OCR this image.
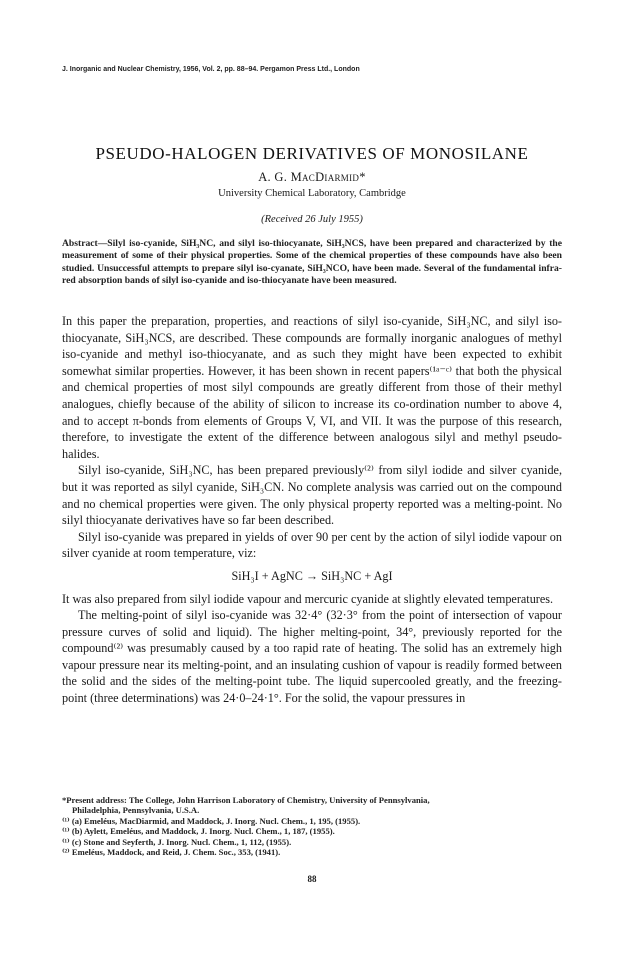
J. Inorganic and Nuclear Chemistry, 1956, Vol. 2, pp. 88–94. Pergamon Press Ltd., London
PSEUDO-HALOGEN DERIVATIVES OF MONOSILANE
A. G. MacDiarmid*
University Chemical Laboratory, Cambridge
(Received 26 July 1955)
Abstract—Silyl iso-cyanide, SiH₃NC, and silyl iso-thiocyanate, SiH₃NCS, have been prepared and characterized by the measurement of some of their physical properties. Some of the chemical properties of these compounds have also been studied. Unsuccessful attempts to prepare silyl iso-cyanate, SiH₃NCO, have been made. Several of the fundamental infra-red absorption bands of silyl iso-cyanide and iso-thiocyanate have been measured.

In this paper the preparation, properties, and reactions of silyl iso-cyanide, SiH₃NC, and silyl iso-thiocyanate, SiH₃NCS, are described. These compounds are formally inorganic analogues of methyl iso-cyanide and methyl iso-thiocyanate, and as such they might have been expected to exhibit somewhat similar properties. However, it has been shown in recent papers⁽¹ᵃ⁻ᶜ⁾ that both the physical and chemical properties of most silyl compounds are greatly different from those of their methyl analogues, chiefly because of the ability of silicon to increase its co-ordination number to above 4, and to accept π-bonds from elements of Groups V, VI, and VII. It was the purpose of this research, therefore, to investigate the extent of the difference between analogous silyl and methyl pseudo-halides.

Silyl iso-cyanide, SiH₃NC, has been prepared previously⁽²⁾ from silyl iodide and silver cyanide, but it was reported as silyl cyanide, SiH₃CN. No complete analysis was carried out on the compound and no chemical properties were given. The only physical property reported was a melting-point. No silyl thiocyanate derivatives have so far been described.

Silyl iso-cyanide was prepared in yields of over 90 per cent by the action of silyl iodide vapour on silver cyanide at room temperature, viz:

SiH₃I + AgNC → SiH₃NC + AgI

It was also prepared from silyl iodide vapour and mercuric cyanide at slightly elevated temperatures.

The melting-point of silyl iso-cyanide was 32·4° (32·3° from the point of intersection of vapour pressure curves of solid and liquid). The higher melting-point, 34°, previously reported for the compound⁽²⁾ was presumably caused by a too rapid rate of heating. The solid has an extremely high vapour pressure near its melting-point, and an insulating cushion of vapour is readily formed between the solid and the sides of the melting-point tube. The liquid supercooled greatly, and the freezing-point (three determinations) was 24·0–24·1°. For the solid, the vapour pressures in

*Present address: The College, John Harrison Laboratory of Chemistry, University of Pennsylvania,
Philadelphia, Pennsylvania, U.S.A.
⁽¹⁾ (a) Emeléus, MacDiarmid, and Maddock, J. Inorg. Nucl. Chem., 1, 195, (1955).
⁽¹⁾ (b) Aylett, Emeléus, and Maddock, J. Inorg. Nucl. Chem., 1, 187, (1955).
⁽¹⁾ (c) Stone and Seyferth, J. Inorg. Nucl. Chem., 1, 112, (1955).
⁽²⁾ Emeléus, Maddock, and Reid, J. Chem. Soc., 353, (1941).
88
